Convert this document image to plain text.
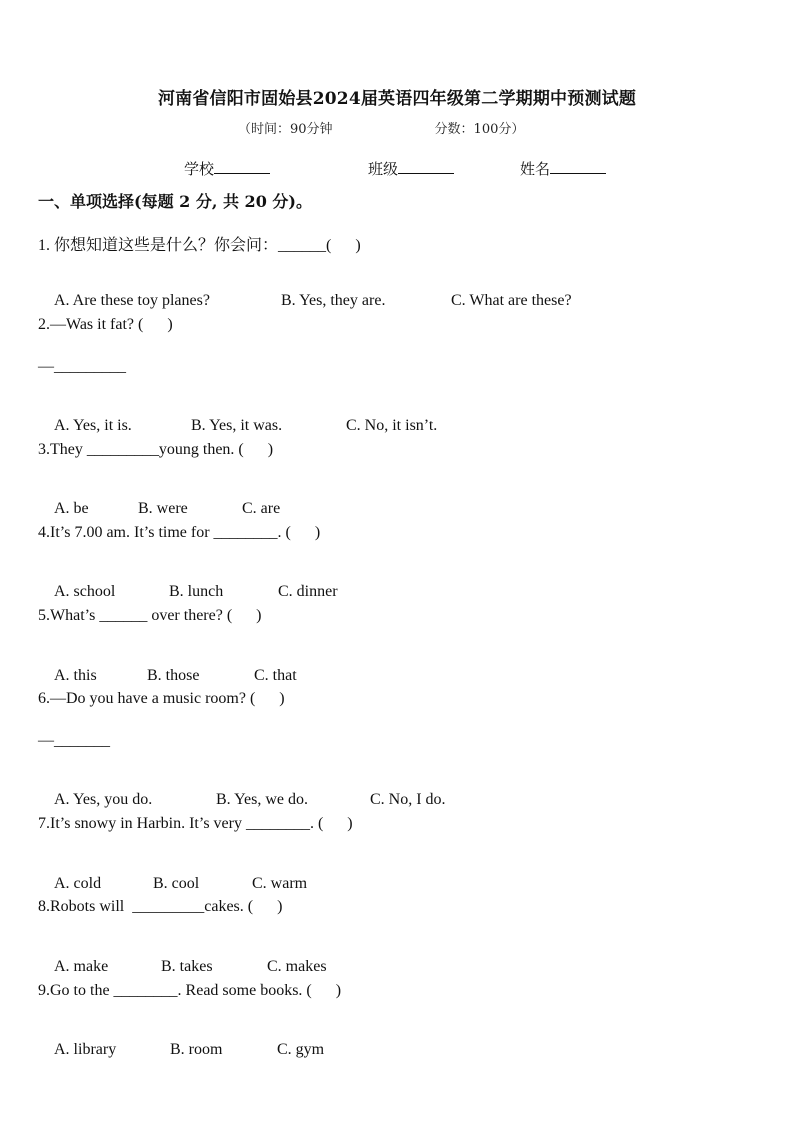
河南省信阳市固始县2024届英语四年级第二学期期中预测试题
（时间：90分钟	分数：100分）
学校	班级	姓名
一、单项选择(每题 2 分, 共 20 分)。
1. 你想知道这些是什么？你会问：______(      )

A. Are these toy planes?	B. Yes, they are.	C. What are these?

2.—Was it fat? (      )
—_________

A. Yes, it is.	B. Yes, it was.	C. No, it isn’t.

3.They _________young then. (      )

A. be	B. were	C. are

4.It’s 7.00 am. It’s time for ________. (      )

A. school	B. lunch	C. dinner

5.What’s ______ over there? (      )

A. this	B. those	C. that

6.—Do you have a music room? (      )
—_______

A. Yes, you do.	B. Yes, we do.	C. No, I do.

7.It’s snowy in Harbin. It’s very ________. (      )

A. cold	B. cool	C. warm

8.Robots will  _________cakes. (      )

A. make	B. takes	C. makes

9.Go to the ________. Read some books. (      )

A. library	B. room	C. gym
